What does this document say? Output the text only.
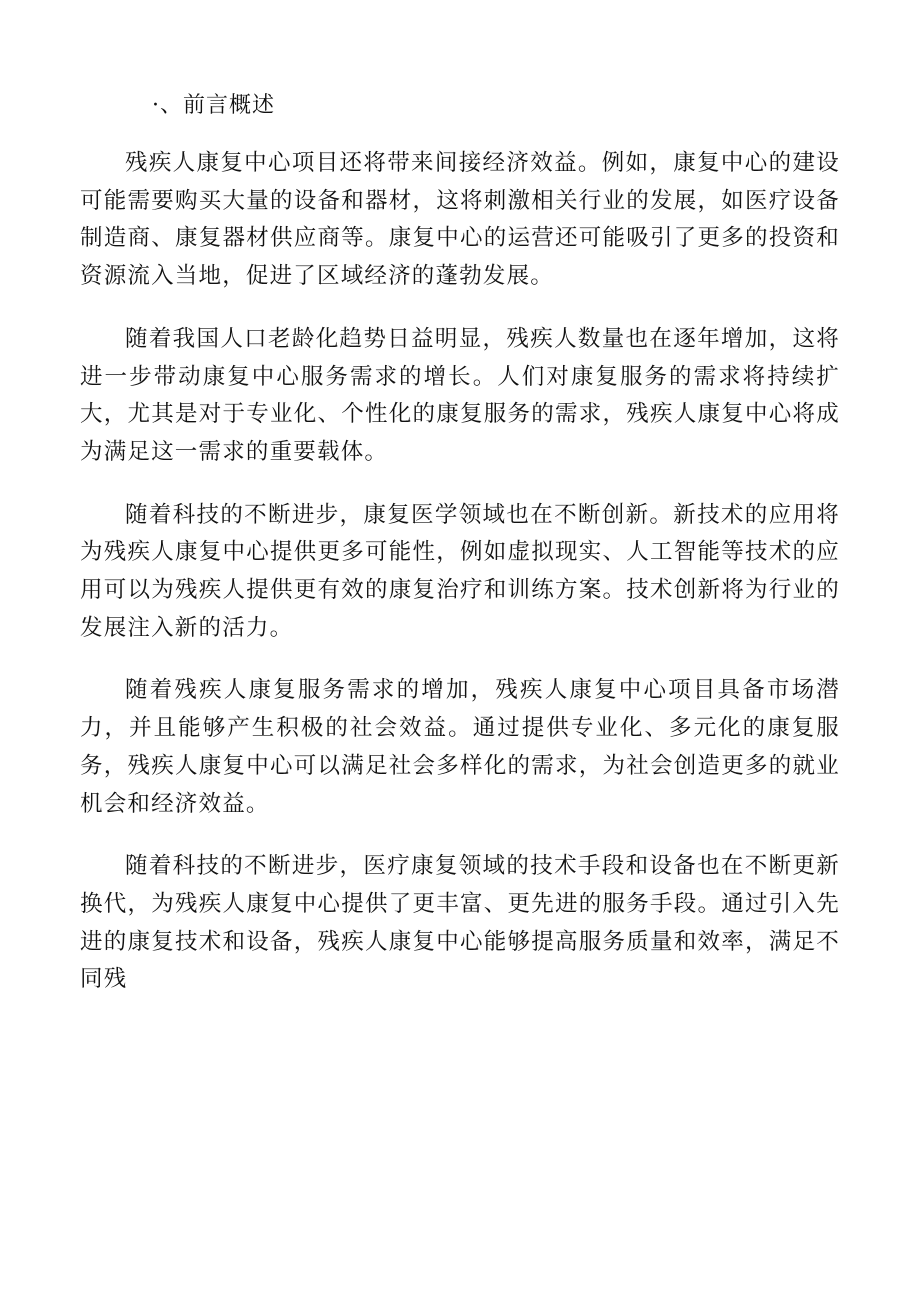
·、前言概述

残疾人康复中心项目还将带来间接经济效益。例如，康复中心的建设可能需要购买大量的设备和器材，这将刺激相关行业的发展，如医疗设备制造商、康复器材供应商等。康复中心的运营还可能吸引了更多的投资和资源流入当地，促进了区域经济的蓬勃发展。

随着我国人口老龄化趋势日益明显，残疾人数量也在逐年增加，这将进一步带动康复中心服务需求的增长。人们对康复服务的需求将持续扩大，尤其是对于专业化、个性化的康复服务的需求，残疾人康复中心将成为满足这一需求的重要载体。

随着科技的不断进步，康复医学领域也在不断创新。新技术的应用将为残疾人康复中心提供更多可能性，例如虚拟现实、人工智能等技术的应用可以为残疾人提供更有效的康复治疗和训练方案。技术创新将为行业的发展注入新的活力。

随着残疾人康复服务需求的增加，残疾人康复中心项目具备市场潜力，并且能够产生积极的社会效益。通过提供专业化、多元化的康复服务，残疾人康复中心可以满足社会多样化的需求，为社会创造更多的就业机会和经济效益。

随着科技的不断进步，医疗康复领域的技术手段和设备也在不断更新换代，为残疾人康复中心提供了更丰富、更先进的服务手段。通过引入先进的康复技术和设备，残疾人康复中心能够提高服务质量和效率，满足不同残
